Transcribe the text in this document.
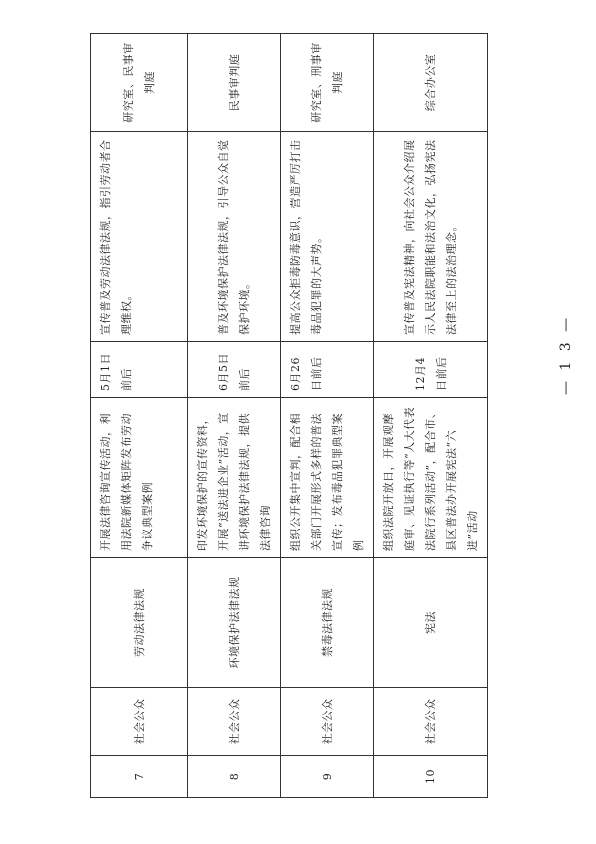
7	社会公众	劳动法律法规	开展法律咨询宣传活动，利用法院新媒体矩阵发布劳动争议典型案例	5月1日前后	宣传普及劳动法律法规，指引劳动者合理维权。	研究室、民事审判庭
8	社会公众	环境保护法律法规	印发环境保护的宣传资料，开展“送法进企业”活动，宣讲环境保护法律法规，提供法律咨询	6月5日前后	普及环境保护法律法规，引导公众自觉保护环境。	民事审判庭
9	社会公众	禁毒法律法规	组织公开集中宣判，配合相关部门开展形式多样的普法宣传；发布毒品犯罪典型案例	6月26日前后	提高公众拒毒防毒意识，营造严厉打击毒品犯罪的大声势。	研究室、刑事审判庭
10	社会公众	宪法	组织法院开放日，开展观摩庭审、见证执行等“人大代表法院行系列活动”，配合市、县区普法办开展宪法“六进”活动	12月4日前后	宣传普及宪法精神，向社会公众介绍展示人民法院职能和法治文化，弘扬宪法法律至上的法治理念。	综合办公室
— 1 3 —
